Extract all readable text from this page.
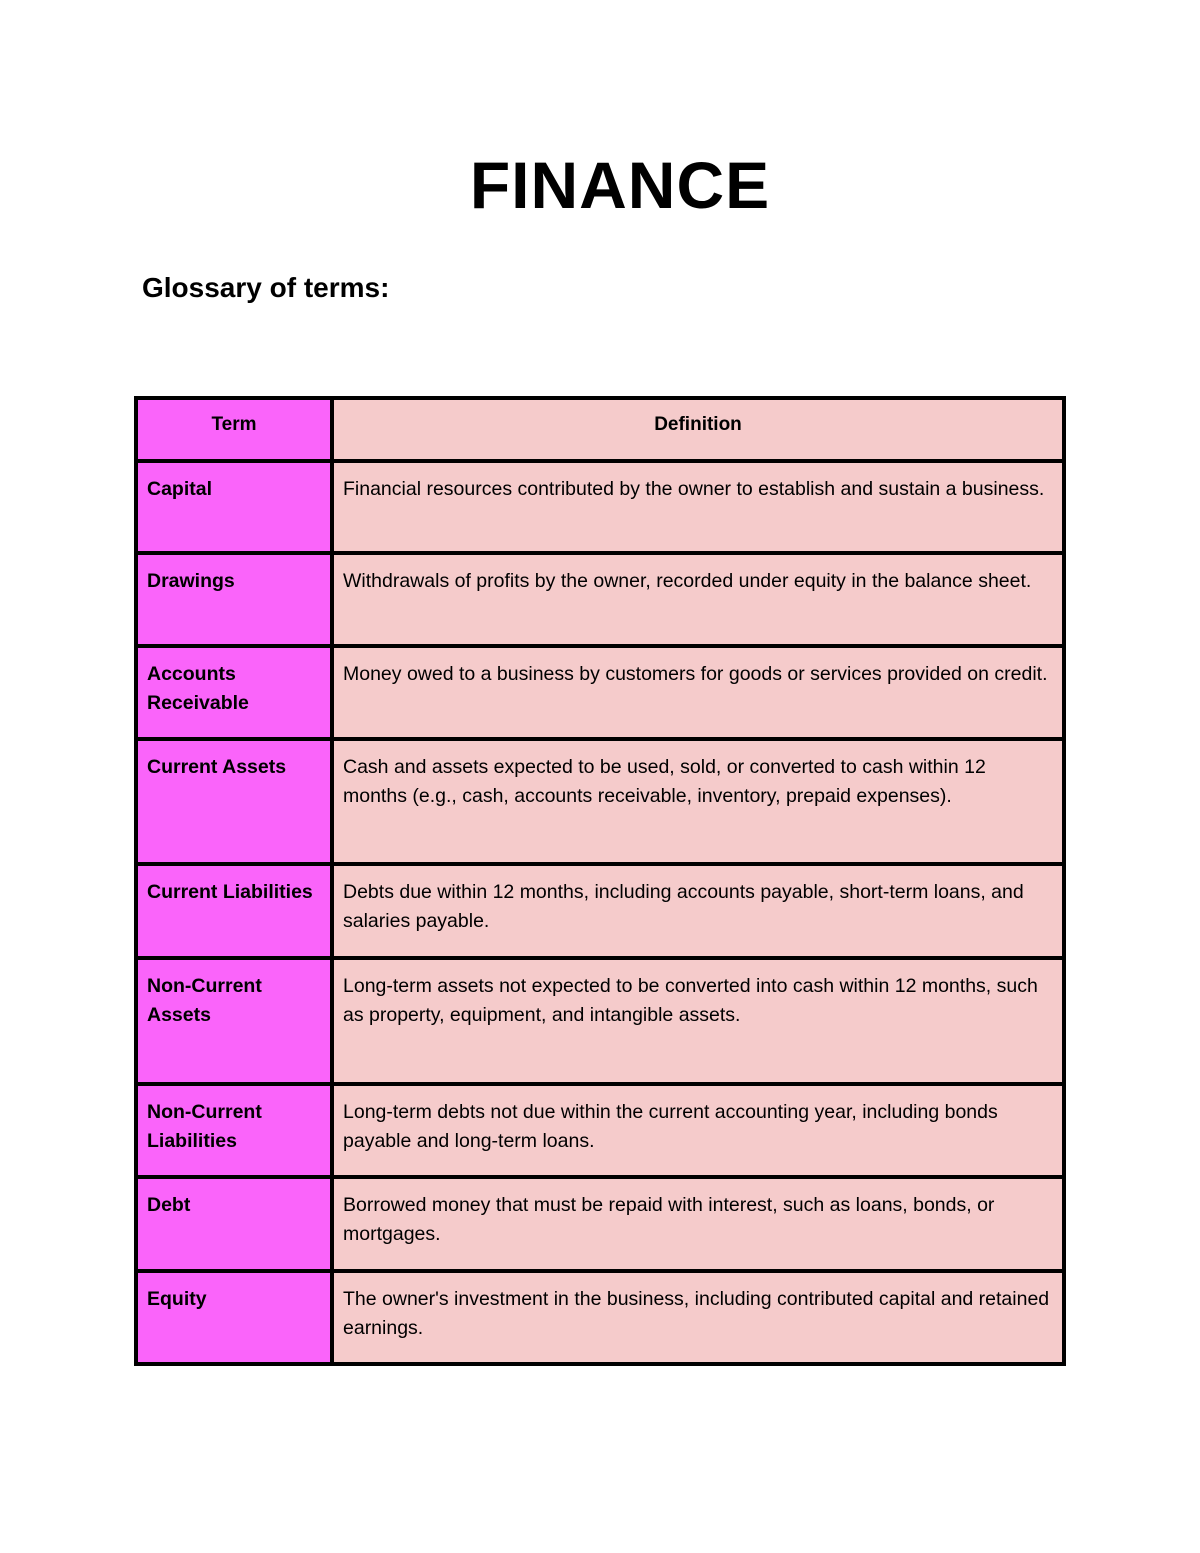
FINANCE
Glossary of terms:
Term	Definition
Capital	Financial resources contributed by the owner to establish and sustain a business.
Drawings	Withdrawals of profits by the owner, recorded under equity in the balance sheet.
Accounts Receivable	Money owed to a business by customers for goods or services provided on credit.
Current Assets	Cash and assets expected to be used, sold, or converted to cash within 12 months (e.g., cash, accounts receivable, inventory, prepaid expenses).
Current Liabilities	Debts due within 12 months, including accounts payable, short-term loans, and salaries payable.
Non-Current Assets	Long-term assets not expected to be converted into cash within 12 months, such as property, equipment, and intangible assets.
Non-Current Liabilities	Long-term debts not due within the current accounting year, including bonds payable and long-term loans.
Debt	Borrowed money that must be repaid with interest, such as loans, bonds, or mortgages.
Equity	The owner's investment in the business, including contributed capital and retained earnings.
